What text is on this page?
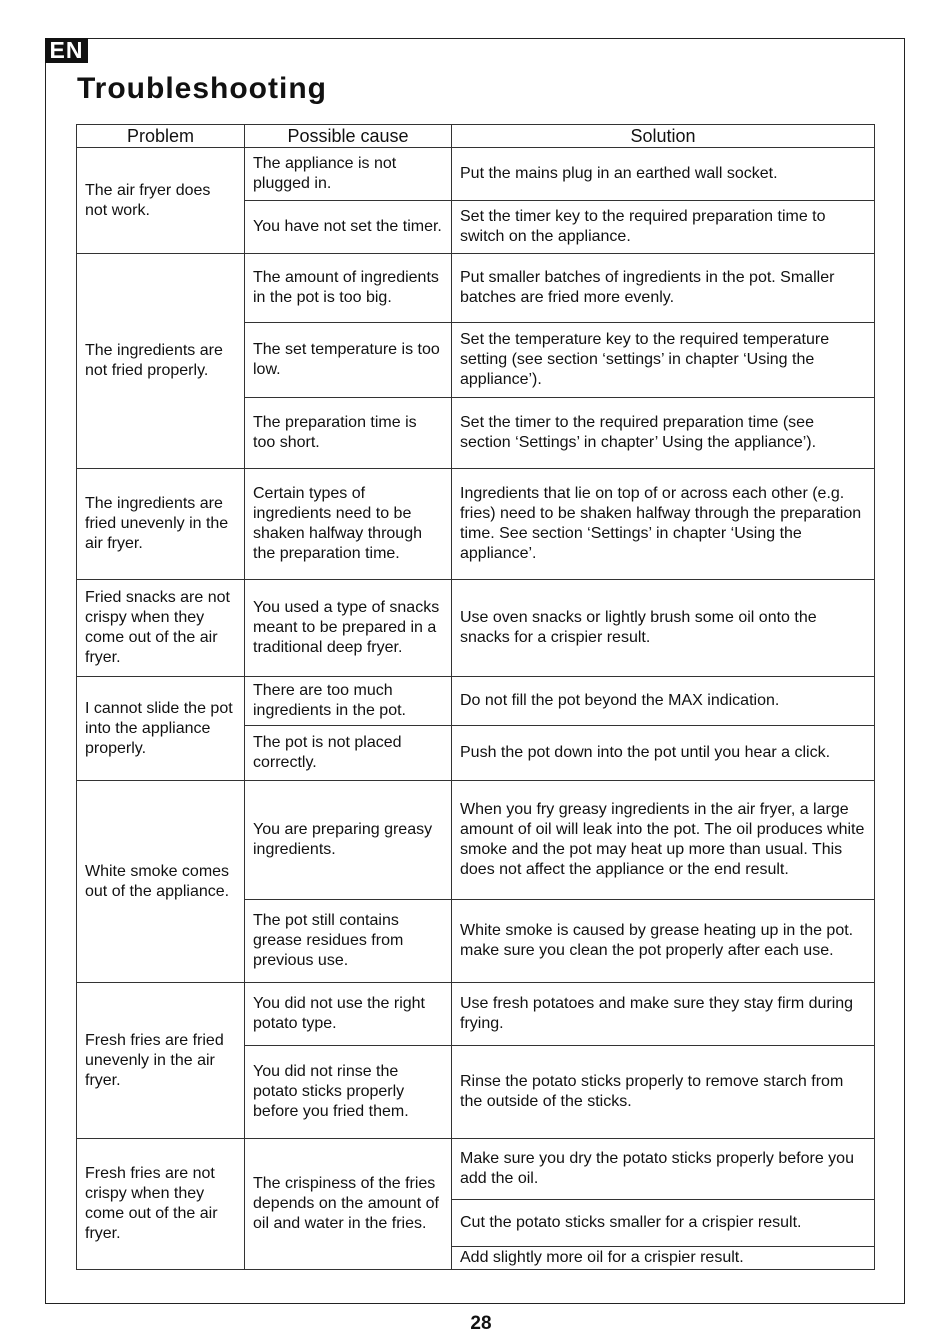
EN
Troubleshooting
Problem	Possible cause	Solution
The air fryer does not work.	The appliance is not plugged in.	Put the mains plug in an earthed wall socket.
	You have not set the timer.	Set the timer key to the required preparation time to switch on the appliance.
The ingredients are not fried properly.	The amount of ingredients in the pot is too big.	Put smaller batches of ingredients in the pot. Smaller batches are fried more evenly.
	The set temperature is too low.	Set the temperature key to the required temperature setting (see section ‘settings’ in chapter ‘Using the appliance’).
	The preparation time is too short.	Set the timer to the required preparation time (see section ‘Settings’ in chapter’ Using the appliance’).
The ingredients are fried unevenly in the air fryer.	Certain types of ingredients need to be shaken halfway through the preparation time.	Ingredients that lie on top of or across each other (e.g. fries) need to be shaken halfway through the preparation time. See section ‘Settings’ in chapter ‘Using the appliance’.
Fried snacks are not crispy when they come out of the air fryer.	You used a type of snacks meant to be prepared in a traditional deep fryer.	Use oven snacks or lightly brush some oil onto the snacks for a crispier result.
I cannot slide the pot into the appliance properly.	There are too much ingredients in the pot.	Do not fill the pot beyond the MAX indication.
	The pot is not placed correctly.	Push the pot down into the pot until you hear a click.
White smoke comes out of the appliance.	You are preparing greasy ingredients.	When you fry greasy ingredients in the air fryer, a large amount of oil will leak into the pot. The oil produces white smoke and the pot may heat up more than usual. This does not affect the appliance or the end result.
	The pot still contains grease residues from previous use.	White smoke is caused by grease heating up in the pot. make sure you clean the pot properly after each use.
Fresh fries are fried unevenly in the air fryer.	You did not use the right potato type.	Use fresh potatoes and make sure they stay firm during frying.
	You did not rinse the potato sticks properly before you fried them.	Rinse the potato sticks properly to remove starch from the outside of the sticks.
Fresh fries are not crispy when they come out of the air fryer.	The crispiness of the fries depends on the amount of oil and water in the fries.	Make sure you dry the potato sticks properly before you add the oil.
		Cut the potato sticks smaller for a crispier result.
		Add slightly more oil for a crispier result.
28
